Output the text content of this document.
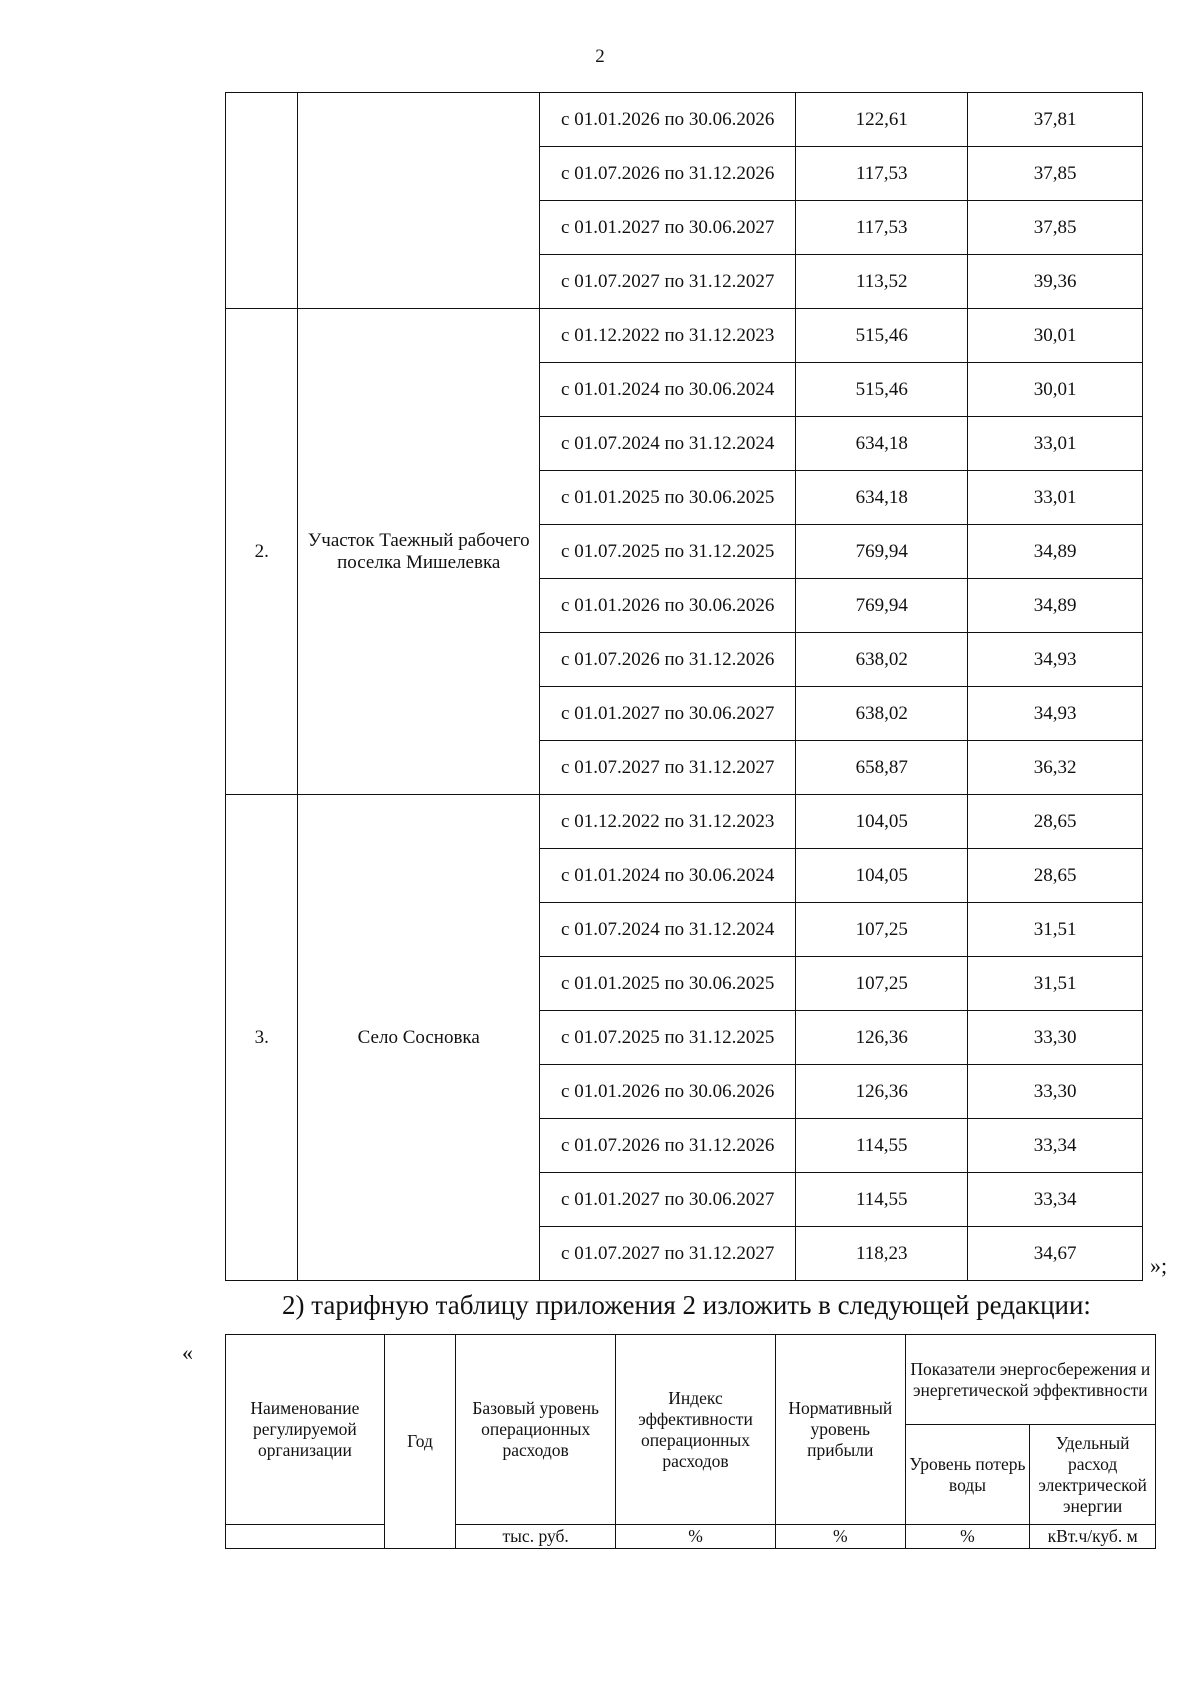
2
		с 01.01.2026 по 30.06.2026	122,61	37,81
		с 01.07.2026 по 31.12.2026	117,53	37,85
		с 01.01.2027 по 30.06.2027	117,53	37,85
		с 01.07.2027 по 31.12.2027	113,52	39,36
2.	Участок Таежный рабочего поселка Мишелевка	с 01.12.2022 по 31.12.2023	515,46	30,01
		с 01.01.2024 по 30.06.2024	515,46	30,01
		с 01.07.2024 по 31.12.2024	634,18	33,01
		с 01.01.2025 по 30.06.2025	634,18	33,01
		с 01.07.2025 по 31.12.2025	769,94	34,89
		с 01.01.2026 по 30.06.2026	769,94	34,89
		с 01.07.2026 по 31.12.2026	638,02	34,93
		с 01.01.2027 по 30.06.2027	638,02	34,93
		с 01.07.2027 по 31.12.2027	658,87	36,32
3.	Село Сосновка	с 01.12.2022 по 31.12.2023	104,05	28,65
		с 01.01.2024 по 30.06.2024	104,05	28,65
		с 01.07.2024 по 31.12.2024	107,25	31,51
		с 01.01.2025 по 30.06.2025	107,25	31,51
		с 01.07.2025 по 31.12.2025	126,36	33,30
		с 01.01.2026 по 30.06.2026	126,36	33,30
		с 01.07.2026 по 31.12.2026	114,55	33,34
		с 01.01.2027 по 30.06.2027	114,55	33,34
		с 01.07.2027 по 31.12.2027	118,23	34,67	»;
2) тарифную таблицу приложения 2 изложить в следующей редакции:
«
Наименование регулируемой организации	Год	Базовый уровень операционных расходов	Индекс эффективности операционных расходов	Нормативный уровень прибыли	Показатели энергосбережения и энергетической эффективности	
					Уровень потерь воды	Удельный расход электрической энергии
		тыс. руб.	%	%	%	кВт.ч/куб. м
